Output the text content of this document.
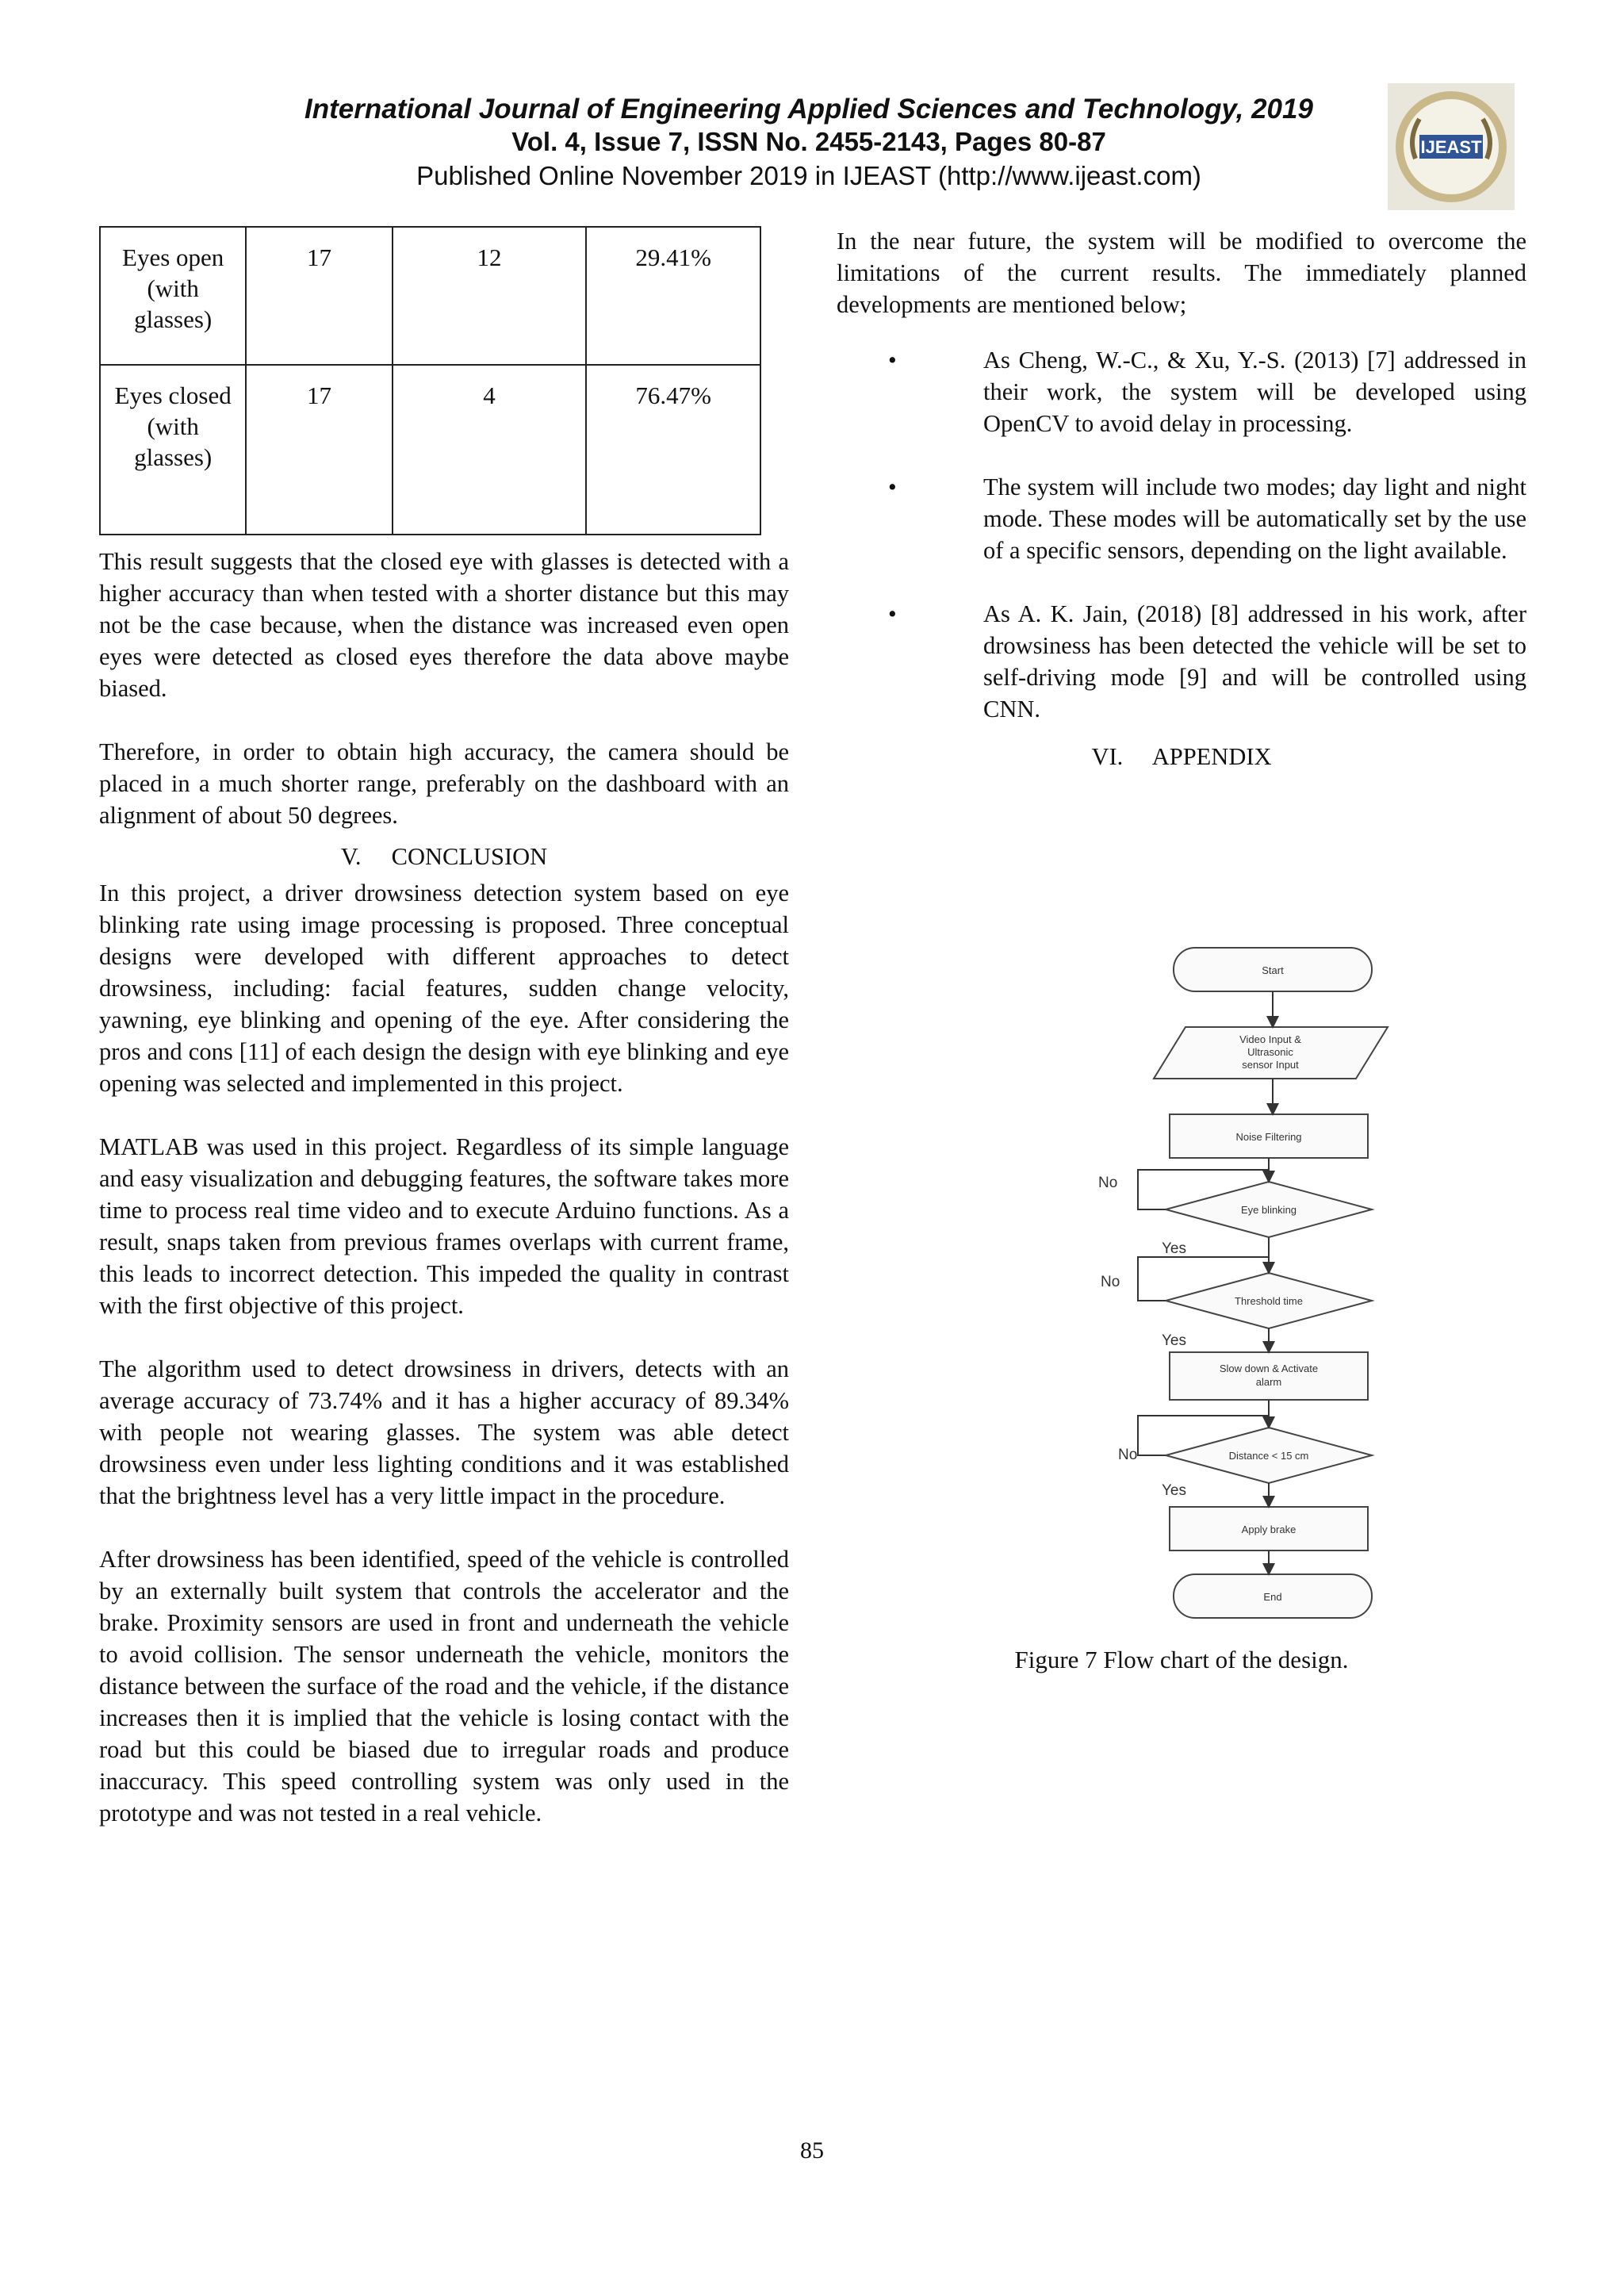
International Journal of Engineering Applied Sciences and Technology, 2019
Vol. 4, Issue 7, ISSN No. 2455-2143, Pages 80-87
Published Online November 2019 in IJEAST (http://www.ijeast.com)
IJEAST
Eyes open (with glasses)	17	12	29.41%
Eyes closed (with glasses)	17	4	76.47%

This result suggests that the closed eye with glasses is detected with a higher accuracy than when tested with a shorter distance but this may not be the case because, when the distance was increased even open eyes were detected as closed eyes therefore the data above maybe biased.

Therefore, in order to obtain high accuracy, the camera should be placed in a much shorter range, preferably on the dashboard with an alignment of about 50 degrees.

V. CONCLUSION

In this project, a driver drowsiness detection system based on eye blinking rate using image processing is proposed. Three conceptual designs were developed with different approaches to detect drowsiness, including: facial features, sudden change velocity, yawning, eye blinking and opening of the eye. After considering the pros and cons [11] of each design the design with eye blinking and eye opening was selected and implemented in this project.

MATLAB was used in this project. Regardless of its simple language and easy visualization and debugging features, the software takes more time to process real time video and to execute Arduino functions. As a result, snaps taken from previous frames overlaps with current frame, this leads to incorrect detection. This impeded the quality in contrast with the first objective of this project.

The algorithm used to detect drowsiness in drivers, detects with an average accuracy of 73.74% and it has a higher accuracy of 89.34% with people not wearing glasses. The system was able detect drowsiness even under less lighting conditions and it was established that the brightness level has a very little impact in the procedure.

After drowsiness has been identified, speed of the vehicle is controlled by an externally built system that controls the accelerator and the brake. Proximity sensors are used in front and underneath the vehicle to avoid collision. The sensor underneath the vehicle, monitors the distance between the surface of the road and the vehicle, if the distance increases then it is implied that the vehicle is losing contact with the road but this could be biased due to irregular roads and produce inaccuracy. This speed controlling system was only used in the prototype and was not tested in a real vehicle.

In the near future, the system will be modified to overcome the limitations of the current results. The immediately planned developments are mentioned below;

•	As Cheng, W.-C., & Xu, Y.-S. (2013) [7] addressed in their work, the system will be developed using OpenCV to avoid delay in processing.

•	The system will include two modes; day light and night mode. These modes will be automatically set by the use of a specific sensors, depending on the light available.

•	As A. K. Jain, (2018) [8] addressed in his work, after drowsiness has been detected the vehicle will be set to self-driving mode [9] and will be controlled using CNN.

VI. APPENDIX

Start
Video Input &
Ultrasonic
sensor Input
Noise Filtering
Eye blinking
Threshold time
Slow down & Activate
alarm
Distance < 15 cm
Apply brake
End
No
Yes
No
Yes
No
Yes
Figure 7 Flow chart of the design.
85
